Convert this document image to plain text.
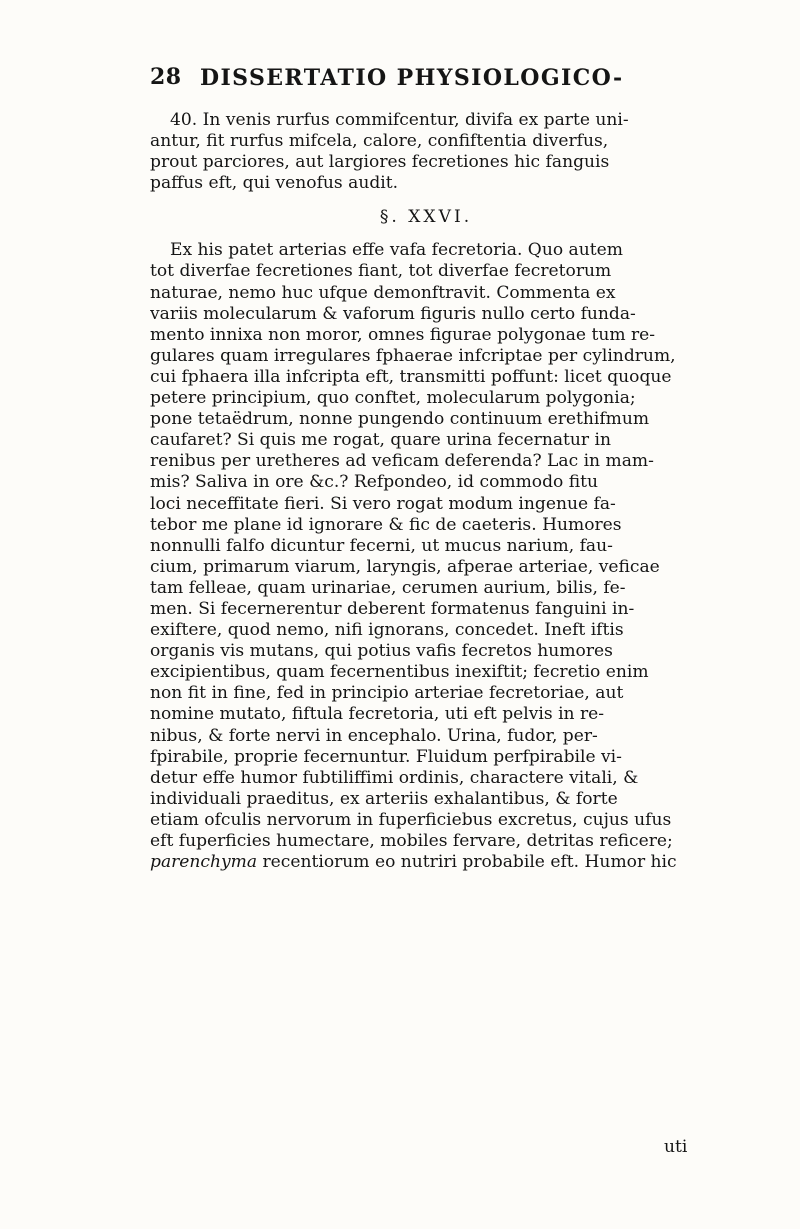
28 DISSERTATIO PHYSIOLOGICO-
40. In venis rurfus commifcentur, divifa ex parte uni-
antur, fit rurfus mifcela, calore, confiftentia diverfus,
prout parciores, aut largiores fecretiones hic fanguis
paffus eft, qui venofus audit.
§. XXVI.
Ex his patet arterias effe vafa fecretoria. Quo autem
tot diverfae fecretiones fiant, tot diverfae fecretorum
naturae, nemo huc ufque demonftravit. Commenta ex
variis molecularum & vaforum figuris nullo certo funda-
mento innixa non moror, omnes figurae polygonae tum re-
gulares quam irregulares fphaerae infcriptae per cylindrum,
cui fphaera illa infcripta eft, transmitti poffunt: licet quoque
petere principium, quo conftet, molecularum polygonia;
pone tetaëdrum, nonne pungendo continuum erethifmum
caufaret? Si quis me rogat, quare urina fecernatur in
renibus per uretheres ad veficam deferenda? Lac in mam-
mis? Saliva in ore &c.? Refpondeo, id commodo fitu
loci neceffitate fieri. Si vero rogat modum ingenue fa-
tebor me plane id ignorare & fic de caeteris. Humores
nonnulli falfo dicuntur fecerni, ut mucus narium, fau-
cium, primarum viarum, laryngis, afperae arteriae, veficae
tam felleae, quam urinariae, cerumen aurium, bilis, fe-
men. Si fecernerentur deberent formatenus fanguini in-
exiftere, quod nemo, nifi ignorans, concedet. Ineft iftis
organis vis mutans, qui potius vafis fecretos humores
excipientibus, quam fecernentibus inexiftit; fecretio enim
non fit in fine, fed in principio arteriae fecretoriae, aut
nomine mutato, fiftula fecretoria, uti eft pelvis in re-
nibus, & forte nervi in encephalo. Urina, fudor, per-
fpirabile, proprie fecernuntur. Fluidum perfpirabile vi-
detur effe humor fubtiliffimi ordinis, charactere vitali, &
individuali praeditus, ex arteriis exhalantibus, & forte
etiam ofculis nervorum in fuperficiebus excretus, cujus ufus
eft fuperficies humectare, mobiles fervare, detritas reficere;
parenchyma recentiorum eo nutriri probabile eft. Humor hic
uti
